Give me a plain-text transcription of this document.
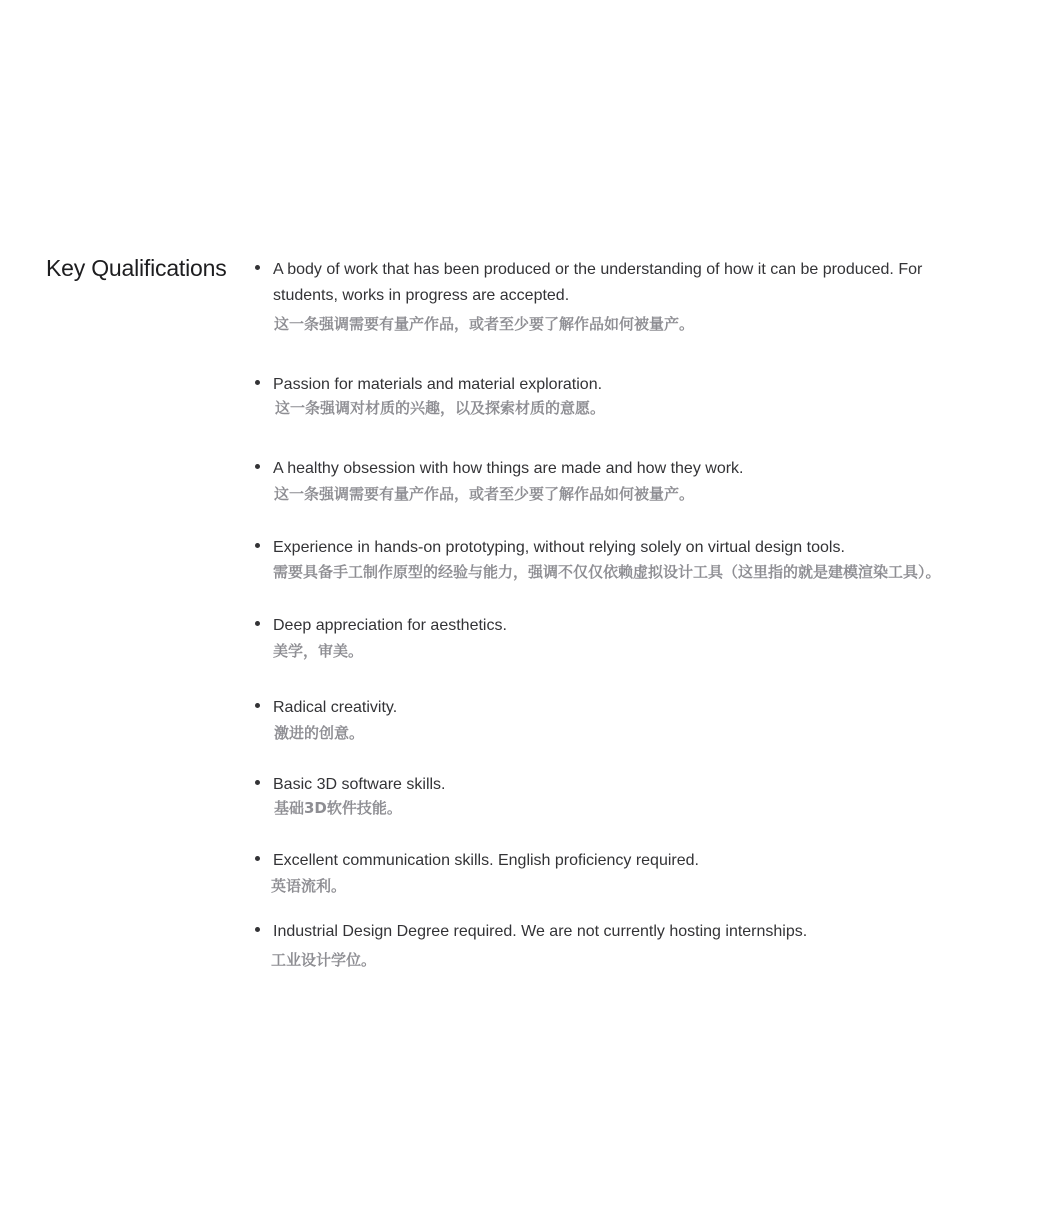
Key Qualifications	A body of work that has been produced or the understanding of how it can be produced. For students, works in progress are accepted.
这一条强调需要有量产作品，或者至少要了解作品如何被量产。
Passion for materials and material exploration.
这一条强调对材质的兴趣，以及探索材质的意愿。
A healthy obsession with how things are made and how they work.
这一条强调需要有量产作品，或者至少要了解作品如何被量产。
Experience in hands-on prototyping, without relying solely on virtual design tools.
需要具备手工制作原型的经验与能力，强调不仅仅依赖虚拟设计工具（这里指的就是建模渲染工具）。
Deep appreciation for aesthetics.
美学，审美。
Radical creativity.
激进的创意。
Basic 3D software skills.
基础3D软件技能。
Excellent communication skills. English proficiency required.
英语流利。
Industrial Design Degree required. We are not currently hosting internships.
工业设计学位。
